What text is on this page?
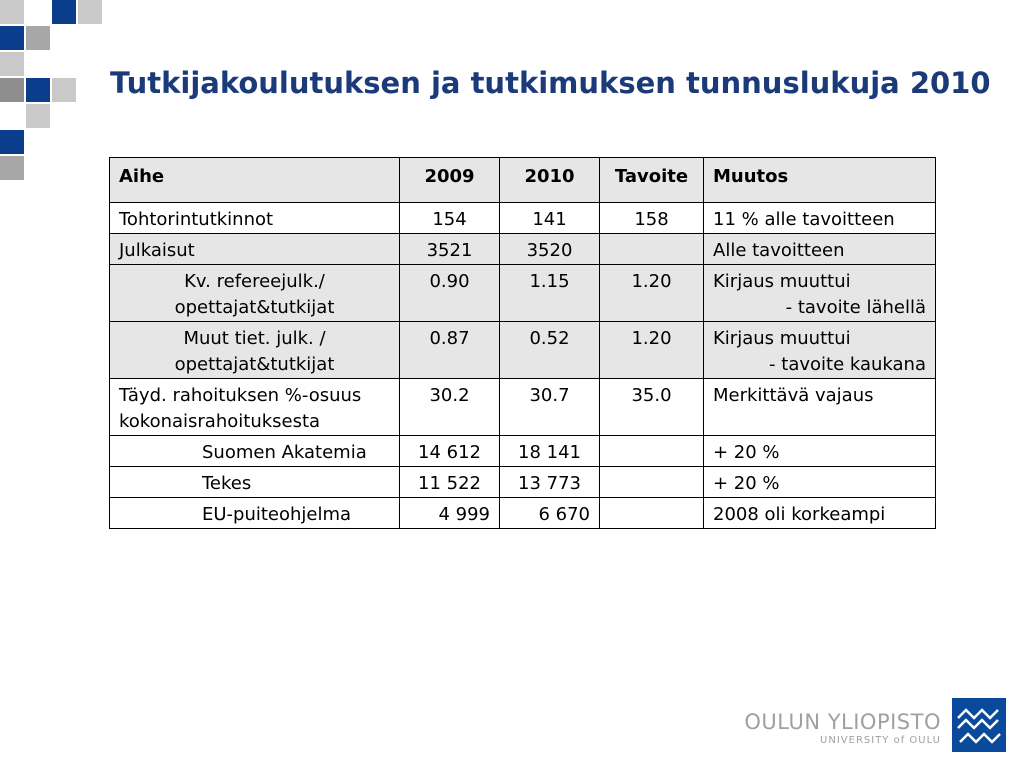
Tutkijakoulutuksen ja tutkimuksen tunnuslukuja 2010
Aihe	2009	2010	Tavoite	Muutos
Tohtorintutkinnot	154	141	158	11 % alle tavoitteen
Julkaisut	3521	3520		Alle tavoitteen

Kv. refereejulk./
opettajat&tutkijat	0.90	1.15	1.20	Kirjaus muuttui
- tavoite lähellä

Muut tiet. julk. /
opettajat&tutkijat	0.87	0.52	1.20	Kirjaus muuttui
- tavoite kaukana

Täyd. rahoituksen %-osuus
kokonaisrahoituksesta	30.2	30.7	35.0	Merkittävä vajaus
Suomen Akatemia	14 612	18 141		+ 20 %
Tekes	11 522	13 773		+ 20 %
EU-puiteohjelma	4 999	6 670		2008 oli korkeampi
OULUN YLIOPISTO
UNIVERSITY of OULU
